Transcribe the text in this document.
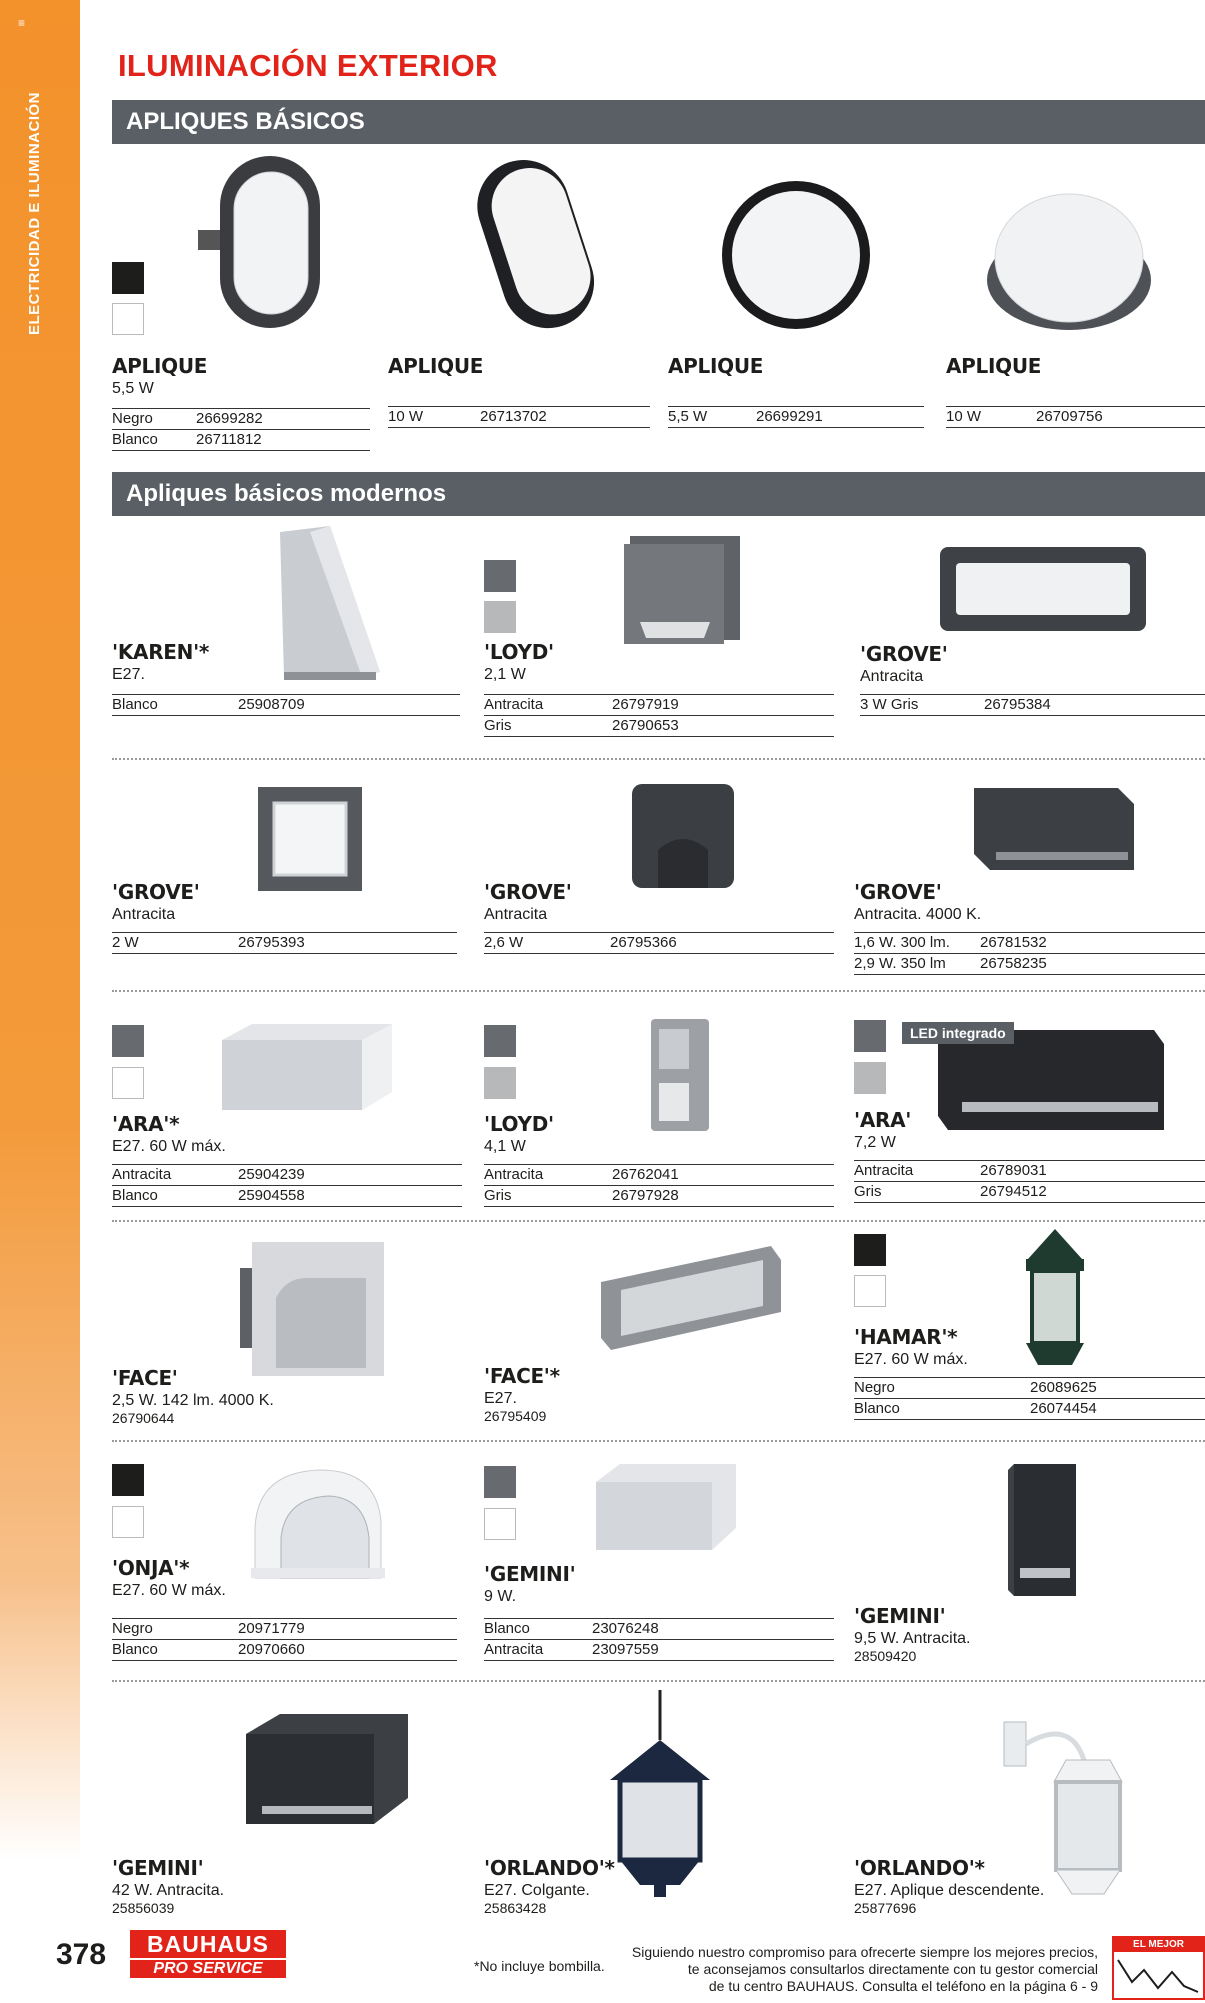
≡
ELECTRICIDAD E ILUMINACIÓN
ILUMINACIÓN EXTERIOR
APLIQUES BÁSICOS
APLIQUE
5,5 W
Negro	26699282
Blanco	26711812
APLIQUE
10 W	26713702
APLIQUE
5,5 W	26699291
APLIQUE
10 W	26709756
Apliques básicos modernos
'KAREN'*
E27.
Blanco	25908709
'LOYD'
2,1 W
Antracita	26797919
Gris	26790653
'GROVE'
Antracita
3 W Gris	26795384
'GROVE'
Antracita
2 W	26795393
'GROVE'
Antracita
2,6 W	26795366
'GROVE'
Antracita. 4000 K.
1,6 W. 300 lm. 26781532
2,9 W. 350 lm 26758235
LED integrado
'ARA'*
E27. 60 W máx.
Antracita	25904239
Blanco	25904558
'LOYD'
4,1 W
Antracita	26762041
Gris	26797928
'ARA'
7,2 W
Antracita	26789031
Gris	26794512
'FACE'
2,5 W. 142 lm. 4000 K.
26790644
'FACE'*
E27.
26795409
'HAMAR'*
E27. 60 W máx.
Negro	26089625
Blanco	26074454
'ONJA'*
E27. 60 W máx.
Negro	20971779
Blanco	20970660
'GEMINI'
9 W.
Blanco	23076248
Antracita	23097559
'GEMINI'
9,5 W. Antracita.
28509420
'GEMINI'
42 W. Antracita.
25856039
'ORLANDO'*
E27. Colgante.
25863428
'ORLANDO'*
E27. Aplique descendente.
25877696
378	BAUHAUS
PRO SERVICE	*No incluye bombilla.
Siguiendo nuestro compromiso para ofrecerte siempre los mejores precios,
te aconsejamos consultarlos directamente con tu gestor comercial
de tu centro BAUHAUS. Consulta el teléfono en la página 6 - 9
EL MEJOR PRECIO
